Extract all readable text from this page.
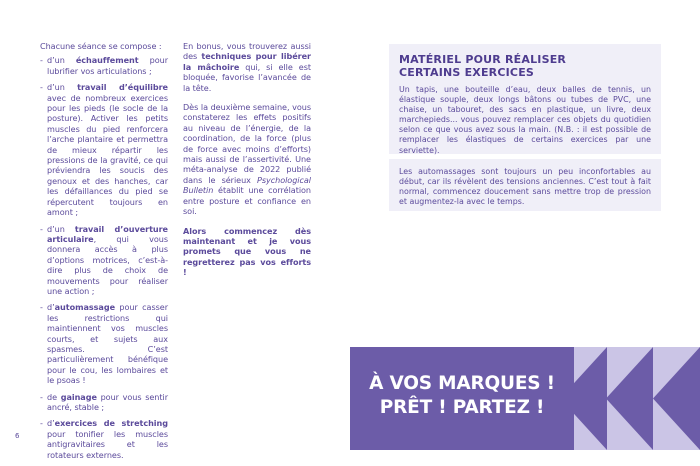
Chacune séance se compose :

- d’un échauffement pour lubrifier vos articulations ;
- d’un travail d’équilibre avec de nombreux exercices pour les pieds (le socle de la posture). Activer les petits muscles du pied renforcera l’arche plantaire et permettra de mieux répartir les pressions de la gravité, ce qui préviendra les soucis des genoux et des hanches, car les défaillances du pied se répercutent toujours en amont ;
- d’un travail d’ouverture articulaire, qui vous donnera accès à plus d’options motrices, c’est-à-dire plus de choix de mouvements pour réaliser une action ;
- d’automassage pour casser les restrictions qui maintiennent vos muscles courts, et sujets aux spasmes. C’est particulièrement bénéfique pour le cou, les lombaires et le psoas !
- de gainage pour vous sentir ancré, stable ;
- d’exercices de stretching pour tonifier les muscles antigravitaires et les rotateurs externes.

En bonus, vous trouverez aussi des techniques pour libérer la mâchoire qui, si elle est bloquée, favorise l’avancée de la tête.

Dès la deuxième semaine, vous constaterez les effets positifs au niveau de l’énergie, de la coordination, de la force (plus de force avec moins d’efforts) mais aussi de l’assertivité. Une méta-analyse de 2022 publié dans le sérieux Psychological Bulletin établit une corrélation entre posture et confiance en soi.

Alors commencez dès maintenant et je vous promets que vous ne regretterez pas vos efforts !

MATÉRIEL POUR RÉALISER
CERTAINS EXERCICES

Un tapis, une bouteille d’eau, deux balles de tennis, un élastique souple, deux longs bâtons ou tubes de PVC, une chaise, un tabouret, des sacs en plastique, un livre, deux marchepieds... vous pouvez remplacer ces objets du quotidien selon ce que vous avez sous la main. (N.B. : il est possible de remplacer les élastiques de certains exercices par une serviette).

Les automassages sont toujours un peu inconfortables au début, car ils révèlent des tensions anciennes. C’est tout à fait normal, commencez doucement sans mettre trop de pression et augmentez-la avec le temps.

À VOS MARQUES !
PRÊT ! PARTEZ !
6
